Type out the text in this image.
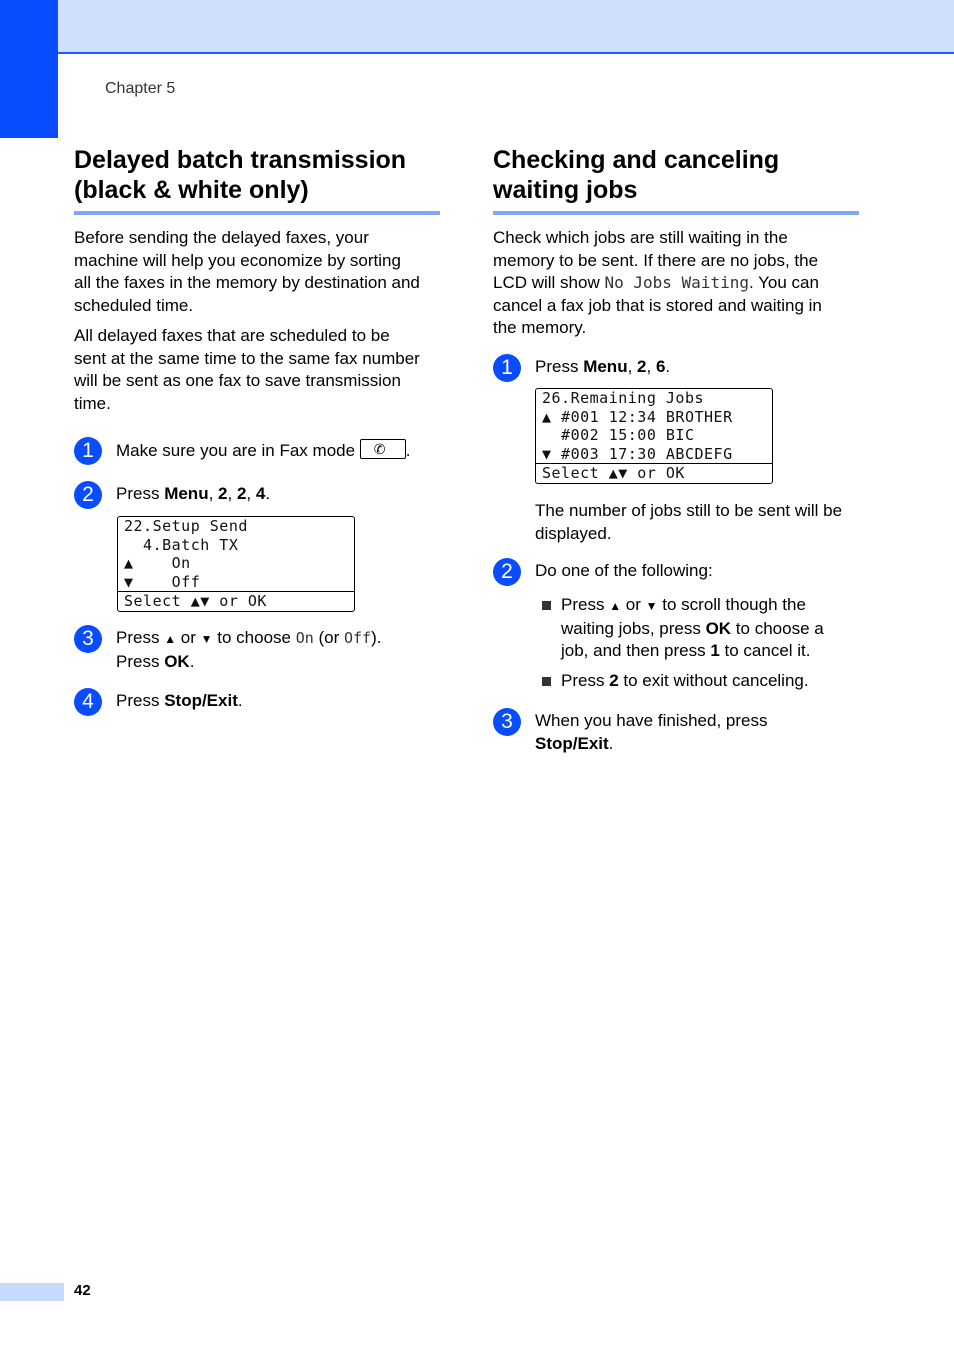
Chapter 5
Delayed batch transmission
(black & white only)

Before sending the delayed faxes, your
machine will help you economize by sorting
all the faxes in the memory by destination and
scheduled time.

All delayed faxes that are scheduled to be
sent at the same time to the same fax number
will be sent as one fax to save transmission
time.

1	Make sure you are in Fax mode ✆ .
2	Press Menu, 2, 2, 4.
22.Setup Send
4.Batch TX
▲    On
▼    Off
Select ▲▼ or OK
3	Press ▲ or ▼ to choose On (or Off).
Press OK.
4	Press Stop/Exit.
Checking and canceling
waiting jobs

Check which jobs are still waiting in the
memory to be sent. If there are no jobs, the
LCD will show No Jobs Waiting. You can
cancel a fax job that is stored and waiting in
the memory.

1	Press Menu, 2, 6.
26.Remaining Jobs
▲ #001 12:34 BROTHER
#002 15:00 BIC
▼ #003 17:30 ABCDEFG
Select ▲▼ or OK

The number of jobs still to be sent will be
displayed.

2	Do one of the following:
Press ▲ or ▼ to scroll though the
waiting jobs, press OK to choose a
job, and then press 1 to cancel it.
Press 2 to exit without canceling.
3	When you have finished, press
Stop/Exit.
42
